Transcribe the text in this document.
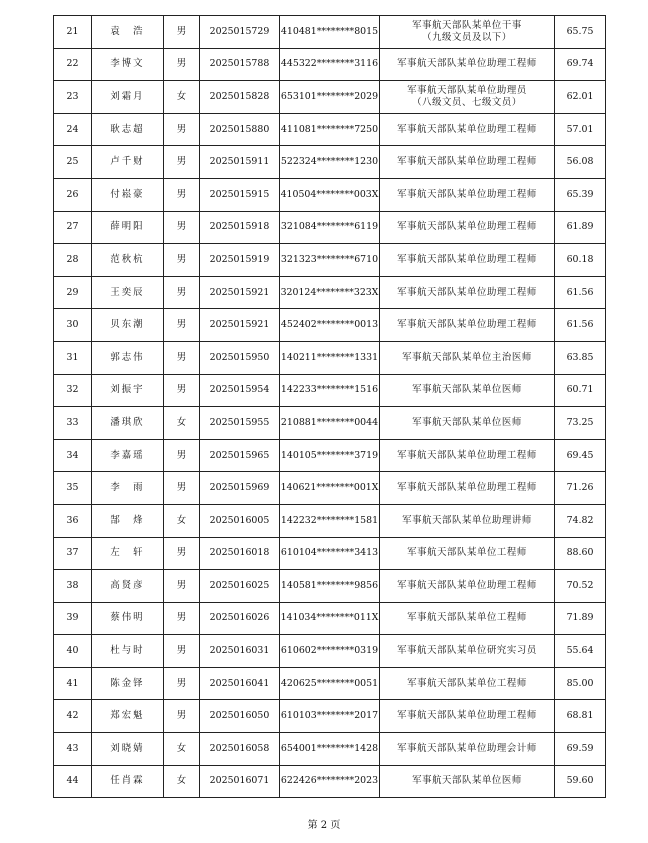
21	袁　浩	男	2025015729	410481********8015	军事航天部队某单位干事
（九级文员及以下）	65.75
22	李博文	男	2025015788	445322********3116	军事航天部队某单位助理工程师	69.74
23	刘霜月	女	2025015828	653101********2029	军事航天部队某单位助理员
（八级文员、七级文员）	62.01
24	耿志超	男	2025015880	411081********7250	军事航天部队某单位助理工程师	57.01
25	卢千财	男	2025015911	522324********1230	军事航天部队某单位助理工程师	56.08
26	付崧豪	男	2025015915	410504********003X	军事航天部队某单位助理工程师	65.39
27	薛明阳	男	2025015918	321084********6119	军事航天部队某单位助理工程师	61.89
28	范秋杭	男	2025015919	321323********6710	军事航天部队某单位助理工程师	60.18
29	王奕辰	男	2025015921	320124********323X	军事航天部队某单位助理工程师	61.56
30	贝东潮	男	2025015921	452402********0013	军事航天部队某单位助理工程师	61.56
31	郭志伟	男	2025015950	140211********1331	军事航天部队某单位主治医师	63.85
32	刘振宇	男	2025015954	142233********1516	军事航天部队某单位医师	60.71
33	潘琪欣	女	2025015955	210881********0044	军事航天部队某单位医师	73.25
34	李嘉瑶	男	2025015965	140105********3719	军事航天部队某单位助理工程师	69.45
35	李　雨	男	2025015969	140621********001X	军事航天部队某单位助理工程师	71.26
36	郜　烽	女	2025016005	142232********1581	军事航天部队某单位助理讲师	74.82
37	左　轩	男	2025016018	610104********3413	军事航天部队某单位工程师	88.60
38	高贤彦	男	2025016025	140581********9856	军事航天部队某单位助理工程师	70.52
39	蔡伟明	男	2025016026	141034********011X	军事航天部队某单位工程师	71.89
40	杜与时	男	2025016031	610602********0319	军事航天部队某单位研究实习员	55.64
41	陈金铎	男	2025016041	420625********0051	军事航天部队某单位工程师	85.00
42	郑宏魁	男	2025016050	610103********2017	军事航天部队某单位助理工程师	68.81
43	刘晓婧	女	2025016058	654001********1428	军事航天部队某单位助理会计师	69.59
44	任肖霖	女	2025016071	622426********2023	军事航天部队某单位医师	59.60
第 2 页
